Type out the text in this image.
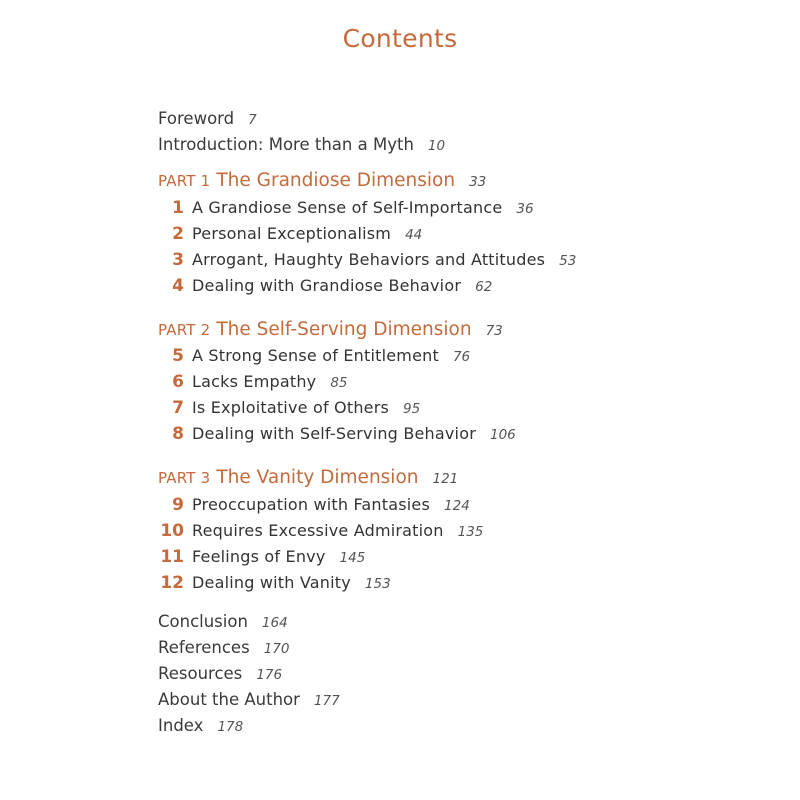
Contents
Foreword 7
Introduction: More than a Myth 10
PART 1 The Grandiose Dimension 33
1 A Grandiose Sense of Self-Importance 36
2 Personal Exceptionalism 44
3 Arrogant, Haughty Behaviors and Attitudes 53
4 Dealing with Grandiose Behavior 62
PART 2 The Self-Serving Dimension 73
5 A Strong Sense of Entitlement 76
6 Lacks Empathy 85
7 Is Exploitative of Others 95
8 Dealing with Self-Serving Behavior 106
PART 3 The Vanity Dimension 121
9 Preoccupation with Fantasies 124
10 Requires Excessive Admiration 135
11 Feelings of Envy 145
12 Dealing with Vanity 153
Conclusion 164
References 170
Resources 176
About the Author 177
Index 178
